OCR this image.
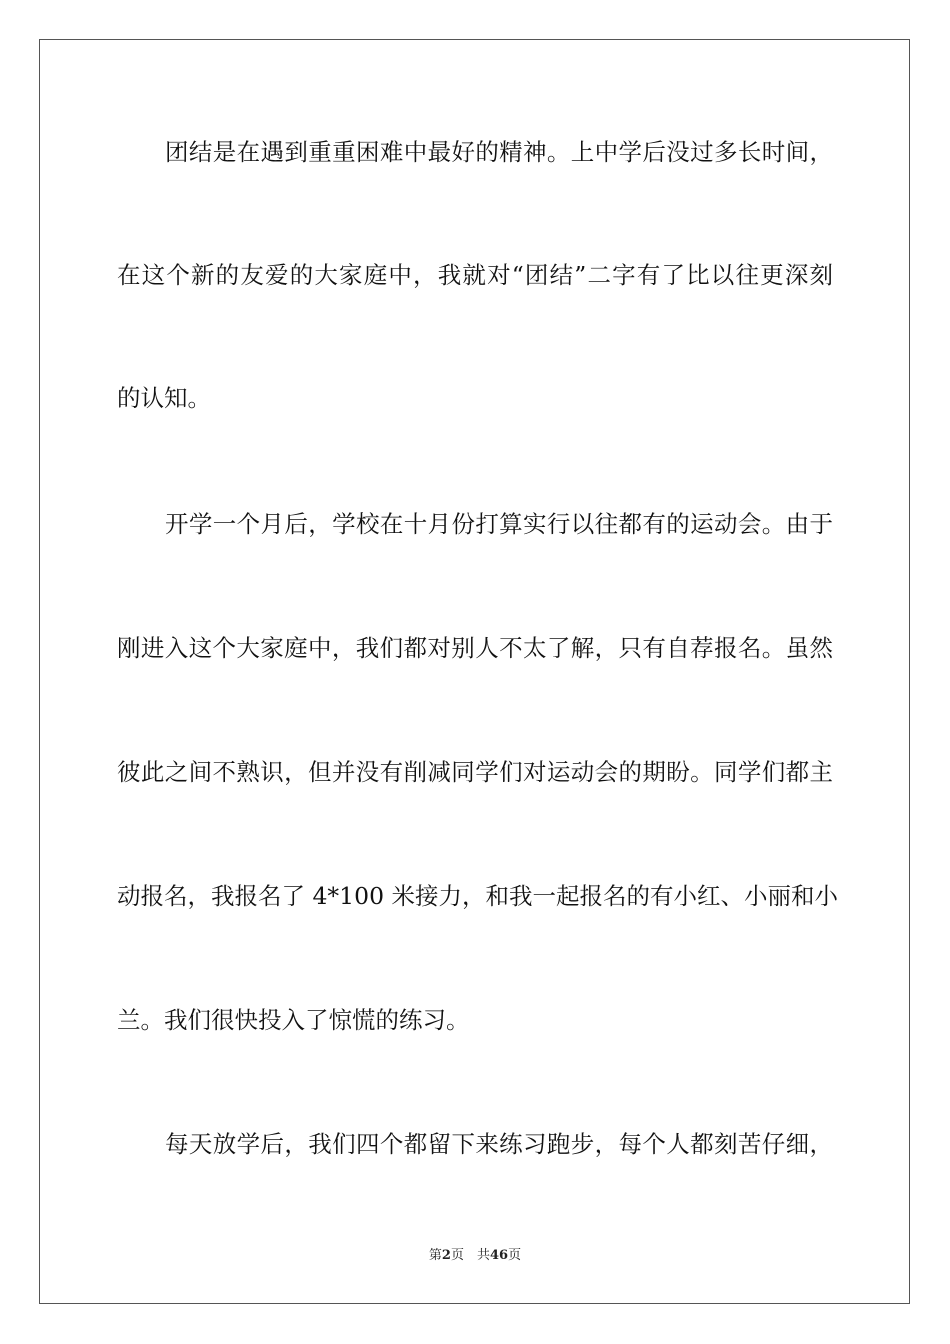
团结是在遇到重重困难中最好的精神。上中学后没过多长时间，
在这个新的友爱的大家庭中，我就对“团结”二字有了比以往更深刻
的认知。
开学一个月后，学校在十月份打算实行以往都有的运动会。由于
刚进入这个大家庭中，我们都对别人不太了解，只有自荐报名。虽然
彼此之间不熟识，但并没有削减同学们对运动会的期盼。同学们都主
动报名，我报名了 4*100 米接力，和我一起报名的有小红、小丽和小
兰。我们很快投入了惊慌的练习。
每天放学后，我们四个都留下来练习跑步，每个人都刻苦仔细，
第2页　共46页
